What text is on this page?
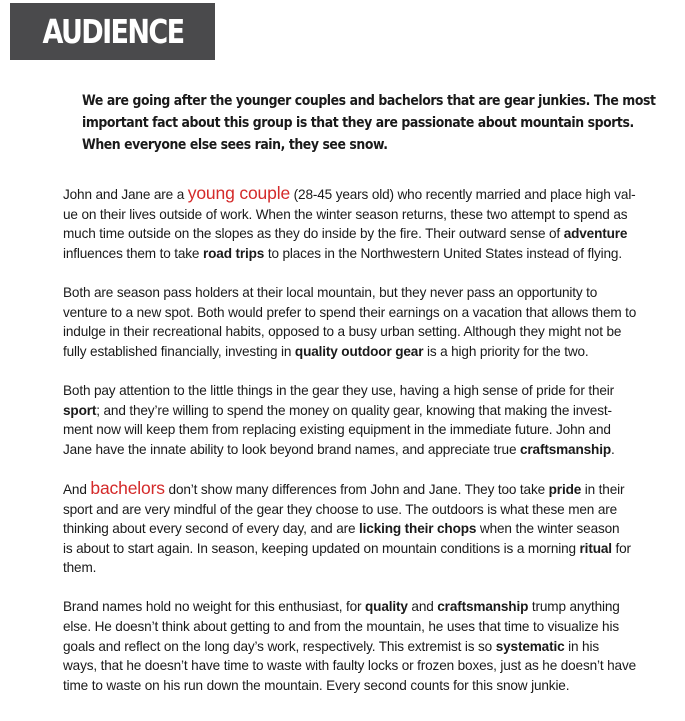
AUDIENCE
We are going after the younger couples and bachelors that are gear junkies. The most
important fact about this group is that they are passionate about mountain sports.
When everyone else sees rain, they see snow.
John and Jane are a young couple (28-45 years old) who recently married and place high val-
ue on their lives outside of work. When the winter season returns, these two attempt to spend as
much time outside on the slopes as they do inside by the fire. Their outward sense of adventure
influences them to take road trips to places in the Northwestern United States instead of flying.
Both are season pass holders at their local mountain, but they never pass an opportunity to
venture to a new spot. Both would prefer to spend their earnings on a vacation that allows them to
indulge in their recreational habits, opposed to a busy urban setting. Although they might not be
fully established financially, investing in quality outdoor gear is a high priority for the two.
Both pay attention to the little things in the gear they use, having a high sense of pride for their
sport; and they’re willing to spend the money on quality gear, knowing that making the invest-
ment now will keep them from replacing existing equipment in the immediate future. John and
Jane have the innate ability to look beyond brand names, and appreciate true craftsmanship.
And bachelors don’t show many differences from John and Jane. They too take pride in their
sport and are very mindful of the gear they choose to use. The outdoors is what these men are
thinking about every second of every day, and are licking their chops when the winter season
is about to start again. In season, keeping updated on mountain conditions is a morning ritual for
them.
Brand names hold no weight for this enthusiast, for quality and craftsmanship trump anything
else. He doesn’t think about getting to and from the mountain, he uses that time to visualize his
goals and reflect on the long day’s work, respectively. This extremist is so systematic in his
ways, that he doesn’t have time to waste with faulty locks or frozen boxes, just as he doesn’t have
time to waste on his run down the mountain. Every second counts for this snow junkie.
